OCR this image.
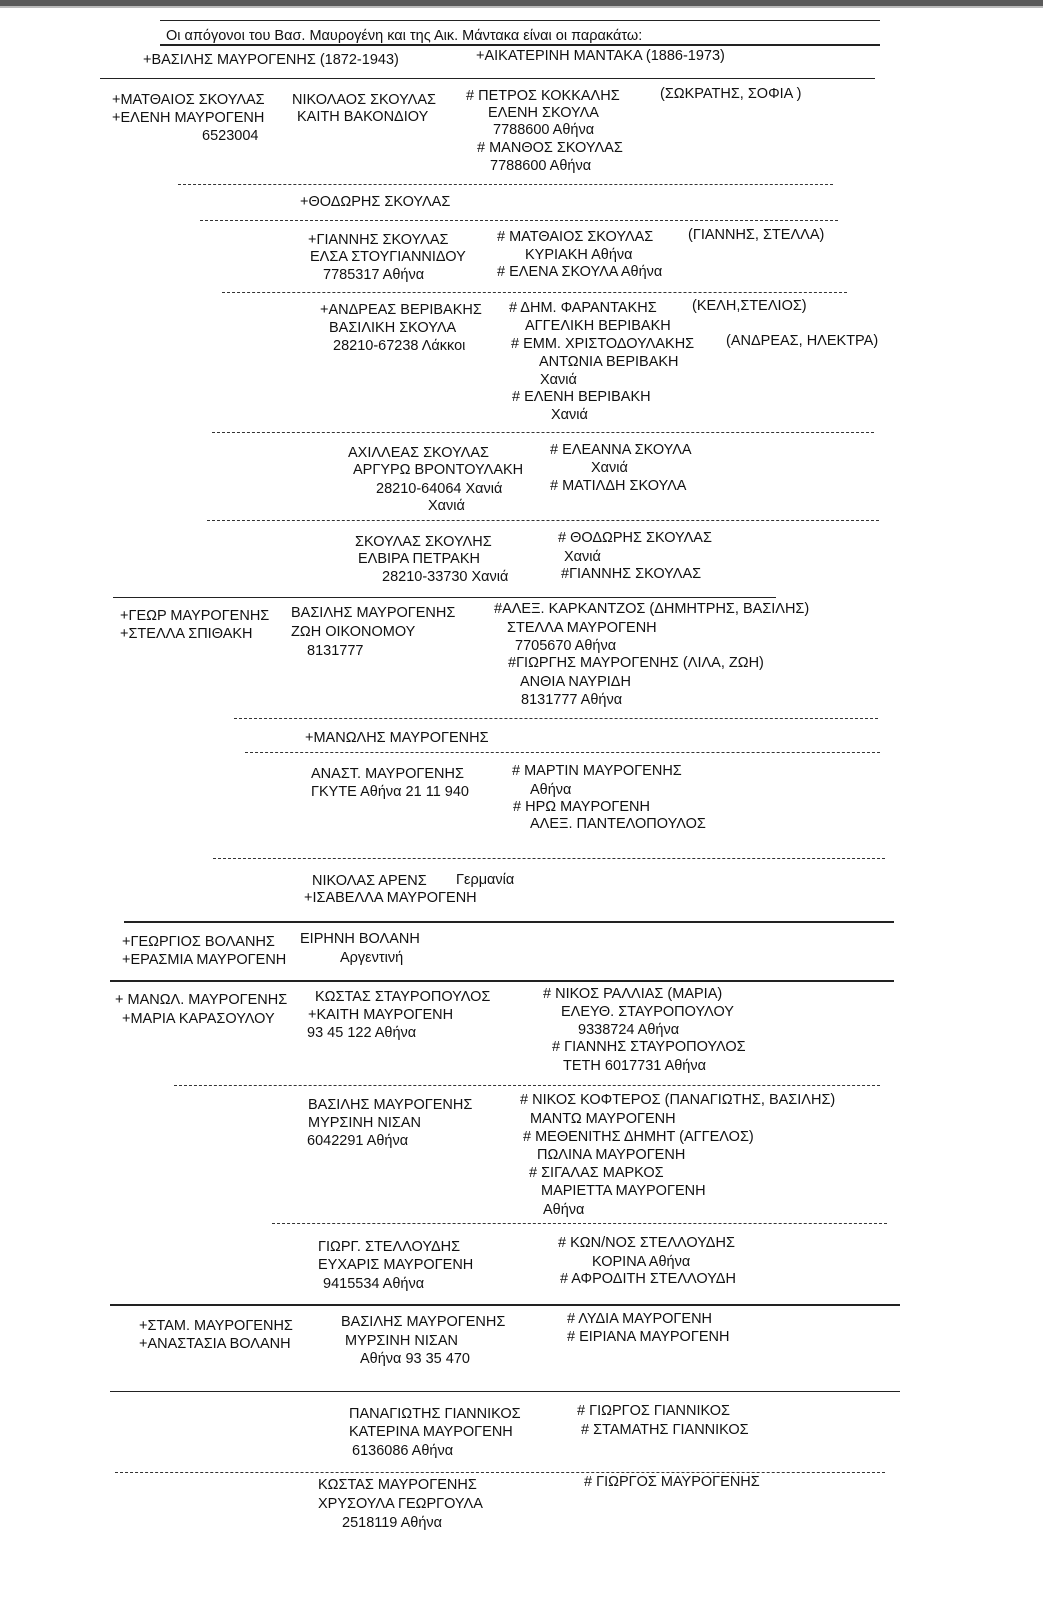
Οι απόγονοι του Βασ. Μαυρογένη και της Αικ. Μάντακα είναι οι παρακάτω:
+ΒΑΣΙΛΗΣ ΜΑΥΡΟΓΕΝΗΣ (1872-1943)	+ΑΙΚΑΤΕΡΙΝΗ ΜΑΝΤΑΚΑ (1886-1973)
+ΜΑΤΘΑΙΟΣ ΣΚΟΥΛΑΣ
+ΕΛΕΝΗ ΜΑΥΡΟΓΕΝΗ
6523004
ΝΙΚΟΛΑΟΣ ΣΚΟΥΛΑΣ
ΚΑΙΤΗ ΒΑΚΟΝΔΙΟΥ
# ΠΕΤΡΟΣ ΚΟΚΚΑΛΗΣ	(ΣΩΚΡΑΤΗΣ, ΣΟΦΙΑ )
ΕΛΕΝΗ ΣΚΟΥΛΑ
7788600 Αθήνα
# ΜΑΝΘΟΣ ΣΚΟΥΛΑΣ
7788600 Αθήνα
+ΘΟΔΩΡΗΣ ΣΚΟΥΛΑΣ
+ΓΙΑΝΝΗΣ ΣΚΟΥΛΑΣ
ΕΛΣΑ ΣΤΟΥΓΙΑΝΝΙΔΟΥ
7785317 Αθήνα
# ΜΑΤΘΑΙΟΣ ΣΚΟΥΛΑΣ (ΓΙΑΝΝΗΣ, ΣΤΕΛΛΑ)
ΚΥΡΙΑΚΗ Αθήνα
# ΕΛΕΝΑ ΣΚΟΥΛΑ Αθήνα
+ΑΝΔΡΕΑΣ ΒΕΡΙΒΑΚΗΣ
ΒΑΣΙΛΙΚΗ ΣΚΟΥΛΑ
28210-67238 Λάκκοι
# ΔΗΜ. ΦΑΡΑΝΤΑΚΗΣ (ΚΕΛΗ,ΣΤΕΛΙΟΣ)
ΑΓΓΕΛΙΚΗ ΒΕΡΙΒΑΚΗ
# ΕΜΜ. ΧΡΙΣΤΟΔΟΥΛΑΚΗΣ (ΑΝΔΡΕΑΣ, ΗΛΕΚΤΡΑ)
ΑΝΤΩΝΙΑ ΒΕΡΙΒΑΚΗ
Χανιά
# ΕΛΕΝΗ ΒΕΡΙΒΑΚΗ
Χανιά
ΑΧΙΛΛΕΑΣ ΣΚΟΥΛΑΣ
ΑΡΓΥΡΩ ΒΡΟΝΤΟΥΛΑΚΗ
28210-64064 Χανιά
Χανιά
# ΕΛΕΑΝΝΑ ΣΚΟΥΛΑ
Χανιά
# ΜΑΤΙΛΔΗ ΣΚΟΥΛΑ
ΣΚΟΥΛΑΣ ΣΚΟΥΛΗΣ
ΕΛΒΙΡΑ ΠΕΤΡΑΚΗ
28210-33730 Χανιά
# ΘΟΔΩΡΗΣ ΣΚΟΥΛΑΣ
Χανιά
#ΓΙΑΝΝΗΣ ΣΚΟΥΛΑΣ
+ΓΕΩΡ ΜΑΥΡΟΓΕΝΗΣ
+ΣΤΕΛΛΑ ΣΠΙΘΑΚΗ
ΒΑΣΙΛΗΣ ΜΑΥΡΟΓΕΝΗΣ
ΖΩΗ ΟΙΚΟΝΟΜΟΥ
8131777
#ΑΛΕΞ. ΚΑΡΚΑΝΤΖΟΣ (ΔΗΜΗΤΡΗΣ, ΒΑΣΙΛΗΣ)
ΣΤΕΛΛΑ ΜΑΥΡΟΓΕΝΗ
7705670 Αθήνα
#ΓΙΩΡΓΗΣ ΜΑΥΡΟΓΕΝΗΣ (ΛΙΛΑ, ΖΩΗ)
ΑΝΘΙΑ ΝΑΥΡΙΔΗ
8131777 Αθήνα
+ΜΑΝΩΛΗΣ ΜΑΥΡΟΓΕΝΗΣ
ΑΝΑΣΤ. ΜΑΥΡΟΓΕΝΗΣ
ΓΚΥΤΕ Αθήνα 21 11 940
# ΜΑΡΤΙΝ ΜΑΥΡΟΓΕΝΗΣ
Αθήνα
# ΗΡΩ ΜΑΥΡΟΓΕΝΗ
ΑΛΕΞ. ΠΑΝΤΕΛΟΠΟΥΛΟΣ
ΝΙΚΟΛΑΣ ΑΡΕΝΣ Γερμανία
+ΙΣΑΒΕΛΛΑ ΜΑΥΡΟΓΕΝΗ
+ΓΕΩΡΓΙΟΣ ΒΟΛΑΝΗΣ
+ΕΡΑΣΜΙΑ ΜΑΥΡΟΓΕΝΗ
ΕΙΡΗΝΗ ΒΟΛΑΝΗ
Αργεντινή
+ ΜΑΝΩΛ. ΜΑΥΡΟΓΕΝΗΣ
+ΜΑΡΙΑ ΚΑΡΑΣΟΥΛΟΥ
ΚΩΣΤΑΣ ΣΤΑΥΡΟΠΟΥΛΟΣ
+ΚΑΙΤΗ ΜΑΥΡΟΓΕΝΗ
93 45 122 Αθήνα
# ΝΙΚΟΣ ΡΑΛΛΙΑΣ (ΜΑΡΙΑ)
ΕΛΕΥΘ. ΣΤΑΥΡΟΠΟΥΛΟΥ
9338724 Αθήνα
# ΓΙΑΝΝΗΣ ΣΤΑΥΡΟΠΟΥΛΟΣ
ΤΕΤΗ 6017731 Αθήνα
ΒΑΣΙΛΗΣ ΜΑΥΡΟΓΕΝΗΣ
ΜΥΡΣΙΝΗ ΝΙΣΑΝ
6042291 Αθήνα
# ΝΙΚΟΣ ΚΟΦΤΕΡΟΣ (ΠΑΝΑΓΙΩΤΗΣ, ΒΑΣΙΛΗΣ)
ΜΑΝΤΩ ΜΑΥΡΟΓΕΝΗ
# ΜΕΘΕΝΙΤΗΣ ΔΗΜΗΤ (ΑΓΓΕΛΟΣ)
ΠΩΛΙΝΑ ΜΑΥΡΟΓΕΝΗ
# ΣΙΓΑΛΑΣ ΜΑΡΚΟΣ
ΜΑΡΙΕΤΤΑ ΜΑΥΡΟΓΕΝΗ
Αθήνα
ΓΙΩΡΓ. ΣΤΕΛΛΟΥΔΗΣ
ΕΥΧΑΡΙΣ ΜΑΥΡΟΓΕΝΗ
9415534 Αθήνα
# ΚΩΝ/ΝΟΣ ΣΤΕΛΛΟΥΔΗΣ
ΚΟΡΙΝΑ Αθήνα
# ΑΦΡΟΔΙΤΗ ΣΤΕΛΛΟΥΔΗ
+ΣΤΑΜ. ΜΑΥΡΟΓΕΝΗΣ
+ΑΝΑΣΤΑΣΙΑ ΒΟΛΑΝΗ
ΒΑΣΙΛΗΣ ΜΑΥΡΟΓΕΝΗΣ
ΜΥΡΣΙΝΗ ΝΙΣΑΝ
Αθήνα 93 35 470
# ΛΥΔΙΑ ΜΑΥΡΟΓΕΝΗ
# ΕΙΡΙΑΝΑ ΜΑΥΡΟΓΕΝΗ
ΠΑΝΑΓΙΩΤΗΣ ΓΙΑΝΝΙΚΟΣ
ΚΑΤΕΡΙΝΑ ΜΑΥΡΟΓΕΝΗ
6136086 Αθήνα
# ΓΙΩΡΓΟΣ ΓΙΑΝΝΙΚΟΣ
# ΣΤΑΜΑΤΗΣ ΓΙΑΝΝΙΚΟΣ
ΚΩΣΤΑΣ ΜΑΥΡΟΓΕΝΗΣ
ΧΡΥΣΟΥΛΑ ΓΕΩΡΓΟΥΛΑ
2518119 Αθήνα
# ΓΙΩΡΓΟΣ ΜΑΥΡΟΓΕΝΗΣ
